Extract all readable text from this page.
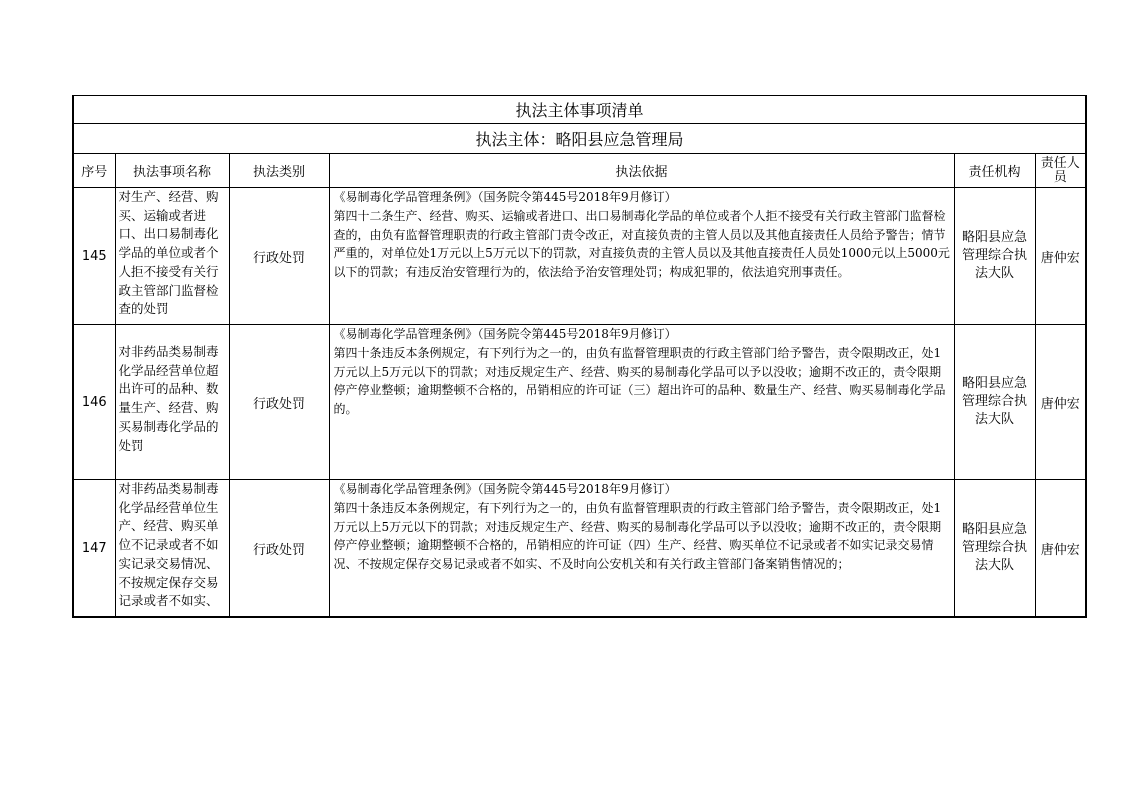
执法主体事项清单					
执法主体：略阳县应急管理局					
序号	执法事项名称	执法类别	执法依据	责任机构	责任人员
145	对生产、经营、购买、运输或者进口、出口易制毒化学品的单位或者个人拒不接受有关行政主管部门监督检查的处罚	行政处罚	《易制毒化学品管理条例》（国务院令第445号2018年9月修订）
第四十二条生产、经营、购买、运输或者进口、出口易制毒化学品的单位或者个人拒不接受有关行政主管部门监督检查的，由负有监督管理职责的行政主管部门责令改正，对直接负责的主管人员以及其他直接责任人员给予警告；情节严重的，对单位处1万元以上5万元以下的罚款，对直接负责的主管人员以及其他直接责任人员处1000元以上5000元以下的罚款；有违反治安管理行为的，依法给予治安管理处罚；构成犯罪的，依法追究刑事责任。	略阳县应急管理综合执法大队	唐仲宏
146	对非药品类易制毒化学品经营单位超出许可的品种、数量生产、经营、购买易制毒化学品的处罚	行政处罚	《易制毒化学品管理条例》（国务院令第445号2018年9月修订）
第四十条违反本条例规定，有下列行为之一的，由负有监督管理职责的行政主管部门给予警告，责令限期改正，处1万元以上5万元以下的罚款；对违反规定生产、经营、购买的易制毒化学品可以予以没收；逾期不改正的，责令限期停产停业整顿；逾期整顿不合格的，吊销相应的许可证（三）超出许可的品种、数量生产、经营、购买易制毒化学品的。	略阳县应急管理综合执法大队	唐仲宏
147	对非药品类易制毒化学品经营单位生产、经营、购买单位不记录或者不如实记录交易情况、不按规定保存交易记录或者不如实、	行政处罚	《易制毒化学品管理条例》（国务院令第445号2018年9月修订）
第四十条违反本条例规定，有下列行为之一的，由负有监督管理职责的行政主管部门给予警告，责令限期改正，处1万元以上5万元以下的罚款；对违反规定生产、经营、购买的易制毒化学品可以予以没收；逾期不改正的，责令限期停产停业整顿；逾期整顿不合格的，吊销相应的许可证（四）生产、经营、购买单位不记录或者不如实记录交易情况、不按规定保存交易记录或者不如实、不及时向公安机关和有关行政主管部门备案销售情况的；	略阳县应急管理综合执法大队	唐仲宏
